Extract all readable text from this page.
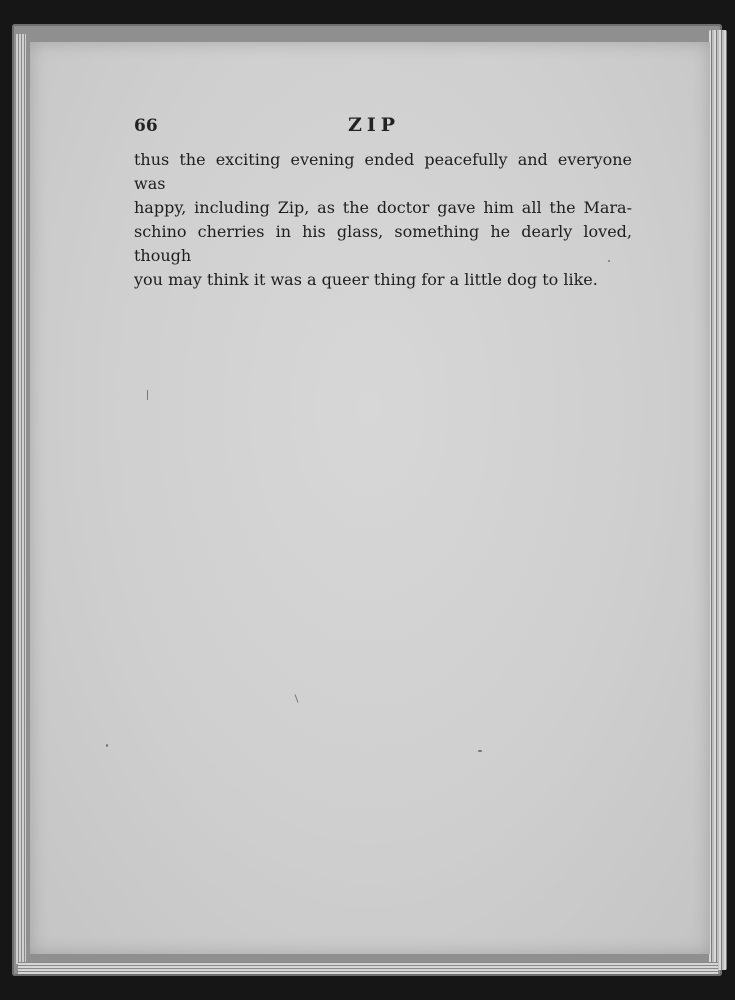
66	ZIP

thus the exciting evening ended peacefully and everyone was
happy, including Zip, as the doctor gave him all the Mara-
schino cherries in his glass, something he dearly loved, though
you may think it was a queer thing for a little dog to like.
